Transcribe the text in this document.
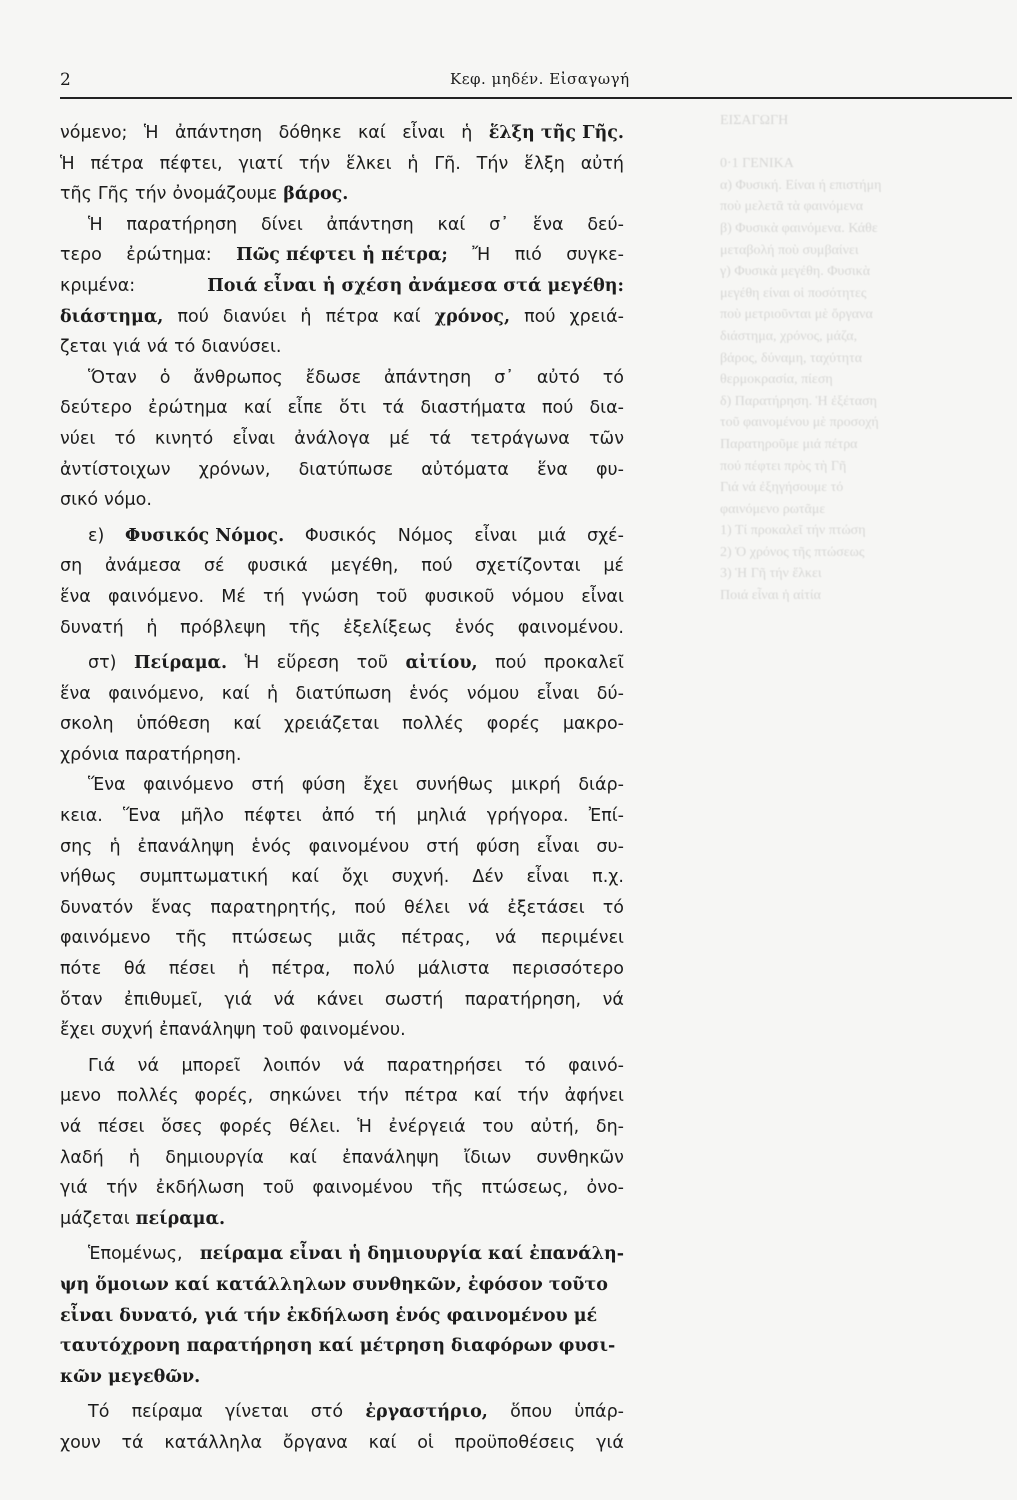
2	Κεφ. μηδέν. Εἰσαγωγή
ΕΙΣΑΓΩΓΗ

0·1 ΓΕΝΙΚΑ
α) Φυσική. Είναι ή επιστήμη
ποὺ μελετᾶ τὰ φαινόμενα
β) Φυσικὰ φαινόμενα. Κάθε
μεταβολή ποὺ συμβαίνει
γ) Φυσικὰ μεγέθη. Φυσικὰ
μεγέθη είναι οἱ ποσότητες
ποὺ μετριοῦνται μὲ ὄργανα
διάστημα, χρόνος, μάζα,
βάρος, δύναμη, ταχύτητα
θερμοκρασία, πίεση
δ) Παρατήρηση. Ἡ ἐξέταση
τοῦ φαινομένου μὲ προσοχή
Παρατηροῦμε μιά πέτρα
πού πέφτει πρὸς τὴ Γῆ
Γιά νά ἐξηγήσουμε τό
φαινόμενο ρωτᾶμε
1) Τί προκαλεῖ τήν πτώση
2) Ὁ χρόνος τῆς πτώσεως
3) Ἡ Γῆ τήν ἕλκει
Ποιά εἶναι ἡ αἰτία
νόμενο; Ἡ ἀπάντηση δόθηκε καί εἶναι ἡ ἕλξη τῆς Γῆς.
Ἡ πέτρα πέφτει, γιατί τήν ἕλκει ἡ Γῆ. Τήν ἕλξη αὐτή
τῆς Γῆς τήν ὀνομάζουμε βάρος.
Ἡ παρατήρηση δίνει ἀπάντηση καί σ᾽ ἕνα δεύ-
τερο ἐρώτημα: Πῶς πέφτει ἡ πέτρα; Ἤ πιό συγκε-
κριμένα:	Ποιά εἶναι ἡ σχέση ἀνάμεσα στά μεγέθη:
διάστημα, πού διανύει ἡ πέτρα καί χρόνος, πού χρειά-
ζεται γιά νά τό διανύσει.
Ὅταν ὁ ἄνθρωπος ἔδωσε ἀπάντηση σ᾽ αὐτό τό
δεύτερο ἐρώτημα καί εἶπε ὅτι τά διαστήματα πού δια-
νύει τό κινητό εἶναι ἀνάλογα μέ τά τετράγωνα τῶν
ἀντίστοιχων χρόνων, διατύπωσε αὐτόματα ἕνα φυ-
σικό νόμο.
ε) Φυσικός Νόμος. Φυσικός Νόμος εἶναι μιά σχέ-
ση ἀνάμεσα σέ φυσικά μεγέθη, πού σχετίζονται μέ
ἕνα φαινόμενο. Μέ τή γνώση τοῦ φυσικοῦ νόμου εἶναι
δυνατή ἡ πρόβλεψη τῆς ἐξελίξεως ἑνός φαινομένου.
στ) Πείραμα. Ἡ εὕρεση τοῦ αἰτίου, πού προκαλεῖ
ἕνα φαινόμενο, καί ἡ διατύπωση ἑνός νόμου εἶναι δύ-
σκολη ὑπόθεση καί χρειάζεται πολλές φορές μακρο-
χρόνια παρατήρηση.
Ἕνα φαινόμενο στή φύση ἔχει συνήθως μικρή διάρ-
κεια. Ἕνα μῆλο πέφτει ἀπό τή μηλιά γρήγορα. Ἐπί-
σης ἡ ἐπανάληψη ἑνός φαινομένου στή φύση εἶναι συ-
νήθως συμπτωματική καί ὄχι συχνή. Δέν εἶναι π.χ.
δυνατόν ἕνας παρατηρητής, πού θέλει νά ἐξετάσει τό
φαινόμενο τῆς πτώσεως μιᾶς πέτρας, νά περιμένει
πότε θά πέσει ἡ πέτρα, πολύ μάλιστα περισσότερο
ὅταν ἐπιθυμεῖ, γιά νά κάνει σωστή παρατήρηση, νά
ἔχει συχνή ἐπανάληψη τοῦ φαινομένου.
Γιά νά μπορεῖ λοιπόν νά παρατηρήσει τό φαινό-
μενο πολλές φορές, σηκώνει τήν πέτρα καί τήν ἀφήνει
νά πέσει ὅσες φορές θέλει. Ἡ ἐνέργειά του αὐτή, δη-
λαδή ἡ δημιουργία καί ἐπανάληψη ἴδιων συνθηκῶν
γιά τήν ἐκδήλωση τοῦ φαινομένου τῆς πτώσεως, ὀνο-
μάζεται πείραμα.
Ἑπομένως, πείραμα εἶναι ἡ δημιουργία καί ἐπανάλη-
ψη ὅμοιων καί κατάλληλων συνθηκῶν, ἐφόσον τοῦτο
εἶναι δυνατό, γιά τήν ἐκδήλωση ἑνός φαινομένου μέ
ταυτόχρονη παρατήρηση καί μέτρηση διαφόρων φυσι-
κῶν μεγεθῶν.
Τό πείραμα γίνεται στό ἐργαστήριο, ὅπου ὑπάρ-
χουν τά κατάλληλα ὄργανα καί οἱ προϋποθέσεις γιά
